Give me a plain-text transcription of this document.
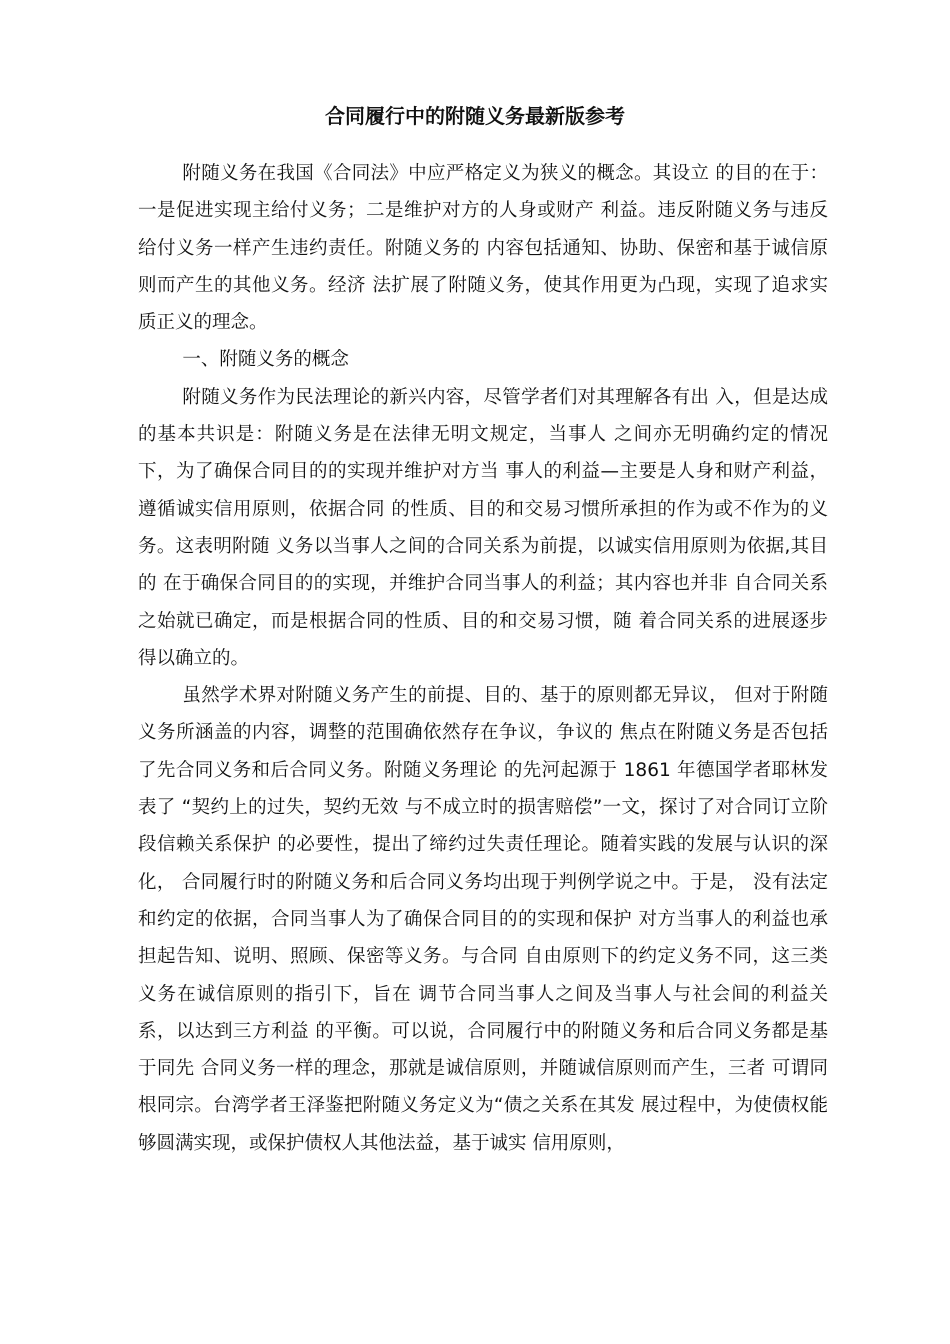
合同履行中的附随义务最新版参考

附随义务在我国《合同法》中应严格定义为狭义的概念。其设立 的目的在于：一是促进实现主给付义务；二是维护对方的人身或财产 利益。违反附随义务与违反给付义务一样产生违约责任。附随义务的 内容包括通知、协助、保密和基于诚信原则而产生的其他义务。经济 法扩展了附随义务，使其作用更为凸现，实现了追求实质正义的理念。

一、附随义务的概念

附随义务作为民法理论的新兴内容，尽管学者们对其理解各有出 入，但是达成的基本共识是：附随义务是在法律无明文规定，当事人 之间亦无明确约定的情况下，为了确保合同目的的实现并维护对方当 事人的利益—主要是人身和财产利益，遵循诚实信用原则，依据合同 的性质、目的和交易习惯所承担的作为或不作为的义务。这表明附随 义务以当事人之间的合同关系为前提，以诚实信用原则为依据,其目的 在于确保合同目的的实现，并维护合同当事人的利益；其内容也并非 自合同关系之始就已确定，而是根据合同的性质、目的和交易习惯，随 着合同关系的进展逐步得以确立的。

虽然学术界对附随义务产生的前提、目的、基于的原则都无异议， 但对于附随义务所涵盖的内容，调整的范围确依然存在争议，争议的 焦点在附随义务是否包括了先合同义务和后合同义务。附随义务理论 的先河起源于 1861 年德国学者耶林发表了 “契约上的过失，契约无效 与不成立时的损害赔偿”一文，探讨了对合同订立阶段信赖关系保护 的必要性，提出了缔约过失责任理论。随着实践的发展与认识的深化， 合同履行时的附随义务和后合同义务均出现于判例学说之中。于是， 没有法定和约定的依据，合同当事人为了确保合同目的的实现和保护 对方当事人的利益也承担起告知、说明、照顾、保密等义务。与合同 自由原则下的约定义务不同，这三类义务在诚信原则的指引下，旨在 调节合同当事人之间及当事人与社会间的利益关系，以达到三方利益 的平衡。可以说，合同履行中的附随义务和后合同义务都是基于同先 合同义务一样的理念，那就是诚信原则，并随诚信原则而产生，三者 可谓同根同宗。台湾学者王泽鉴把附随义务定义为“债之关系在其发 展过程中，为使债权能够圆满实现，或保护债权人其他法益，基于诚实 信用原则，
